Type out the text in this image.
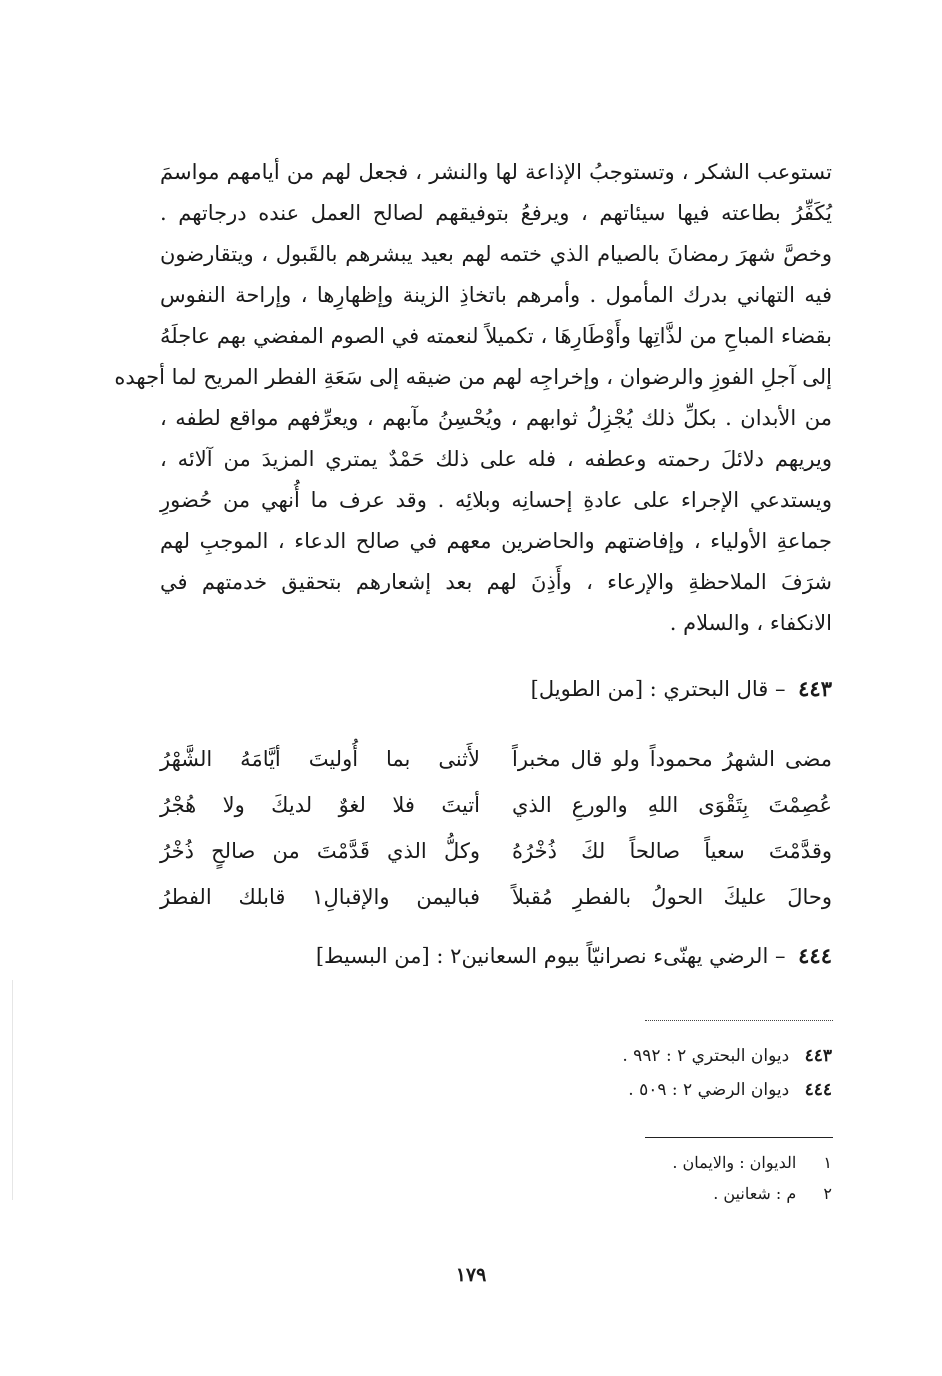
تستوعب الشكر ، وتستوجبُ الإذاعة لها والنشر ، فجعل لهم من أيامهم مواسمَ
يُكَفِّرُ بطاعته فيها سيئاتهم ، ويرفعُ بتوفيقهم لصالح العمل عنده درجاتهم .
وخصَّ شهرَ رمضانَ بالصيام الذي ختمه لهم بعيد يبشرهم بالقَبول ، ويتقارضون
فيه التهاني بدرك المأمول . وأمرهم باتخاذِ الزينة وإظهارِها ، وإراحة النفوس
بقضاء المباحِ من لذَّاتِها وأَوْطَارِهَا ، تكميلاً لنعمته في الصوم المفضي بهم عاجلَهُ
إلى آجلِ الفوزِ والرضوان ، وإخراجِه لهم من ضيقه إلى سَعَةِ الفطر المريح لما أجهده
من الأبدان . بكلِّ ذلك يُجْزِلُ ثوابهم ، ويُحْسِنُ مآبهم ، ويعرِّفهم مواقع لطفه ،
ويريهم دلائلَ رحمته وعطفه ، فله على ذلك حَمْدٌ يمتري المزيدَ من آلائه ،
ويستدعي الإجراء على عادةِ إحسانِه وبلائِه . وقد عرف ما أُنهي من حُضورِ
جماعةِ الأولياء ، وإفاضتهم والحاضرين معهم في صالح الدعاء ، الموجبِ لهم
شرَفَ الملاحظةِ والإرعاء ، وأَذِنَ لهم بعد إشعارهم بتحقيق خدمتهم في
الانكفاء ، والسلام .
٤٤٣ – قال البحتري : [من الطويل]
مضى الشهرُ محموداً ولو قال مخبراً
لأَثنى بما أُوليتَ أيَّامَهُ الشَّهْرُ
عُصِمْتَ بِتَقْوَى اللهِ والورعِ الذي
أتيتَ فلا لغوٌ لديكَ ولا هُجْرُ
وقدَّمْتَ سعياً صالحاً لكَ ذُخْرُهُ
وكلُّ الذي قَدَّمْتَ من صالحٍ ذُخْرُ
وحالَ عليكَ الحولُ بالفطرِ مُقبلاً
فباليمن والإقبالِ١ قابلك الفطرُ
٤٤٤ – الرضي يهنّىء نصرانيّاً بيوم السعانين٢ : [من البسيط]
٤٤٣ ديوان البحتري ٢ : ٩٩٢ .
٤٤٤ ديوان الرضي ٢ : ٥٠٩ .
١ الديوان : والايمان .
٢ م : شعانين .
١٧٩
